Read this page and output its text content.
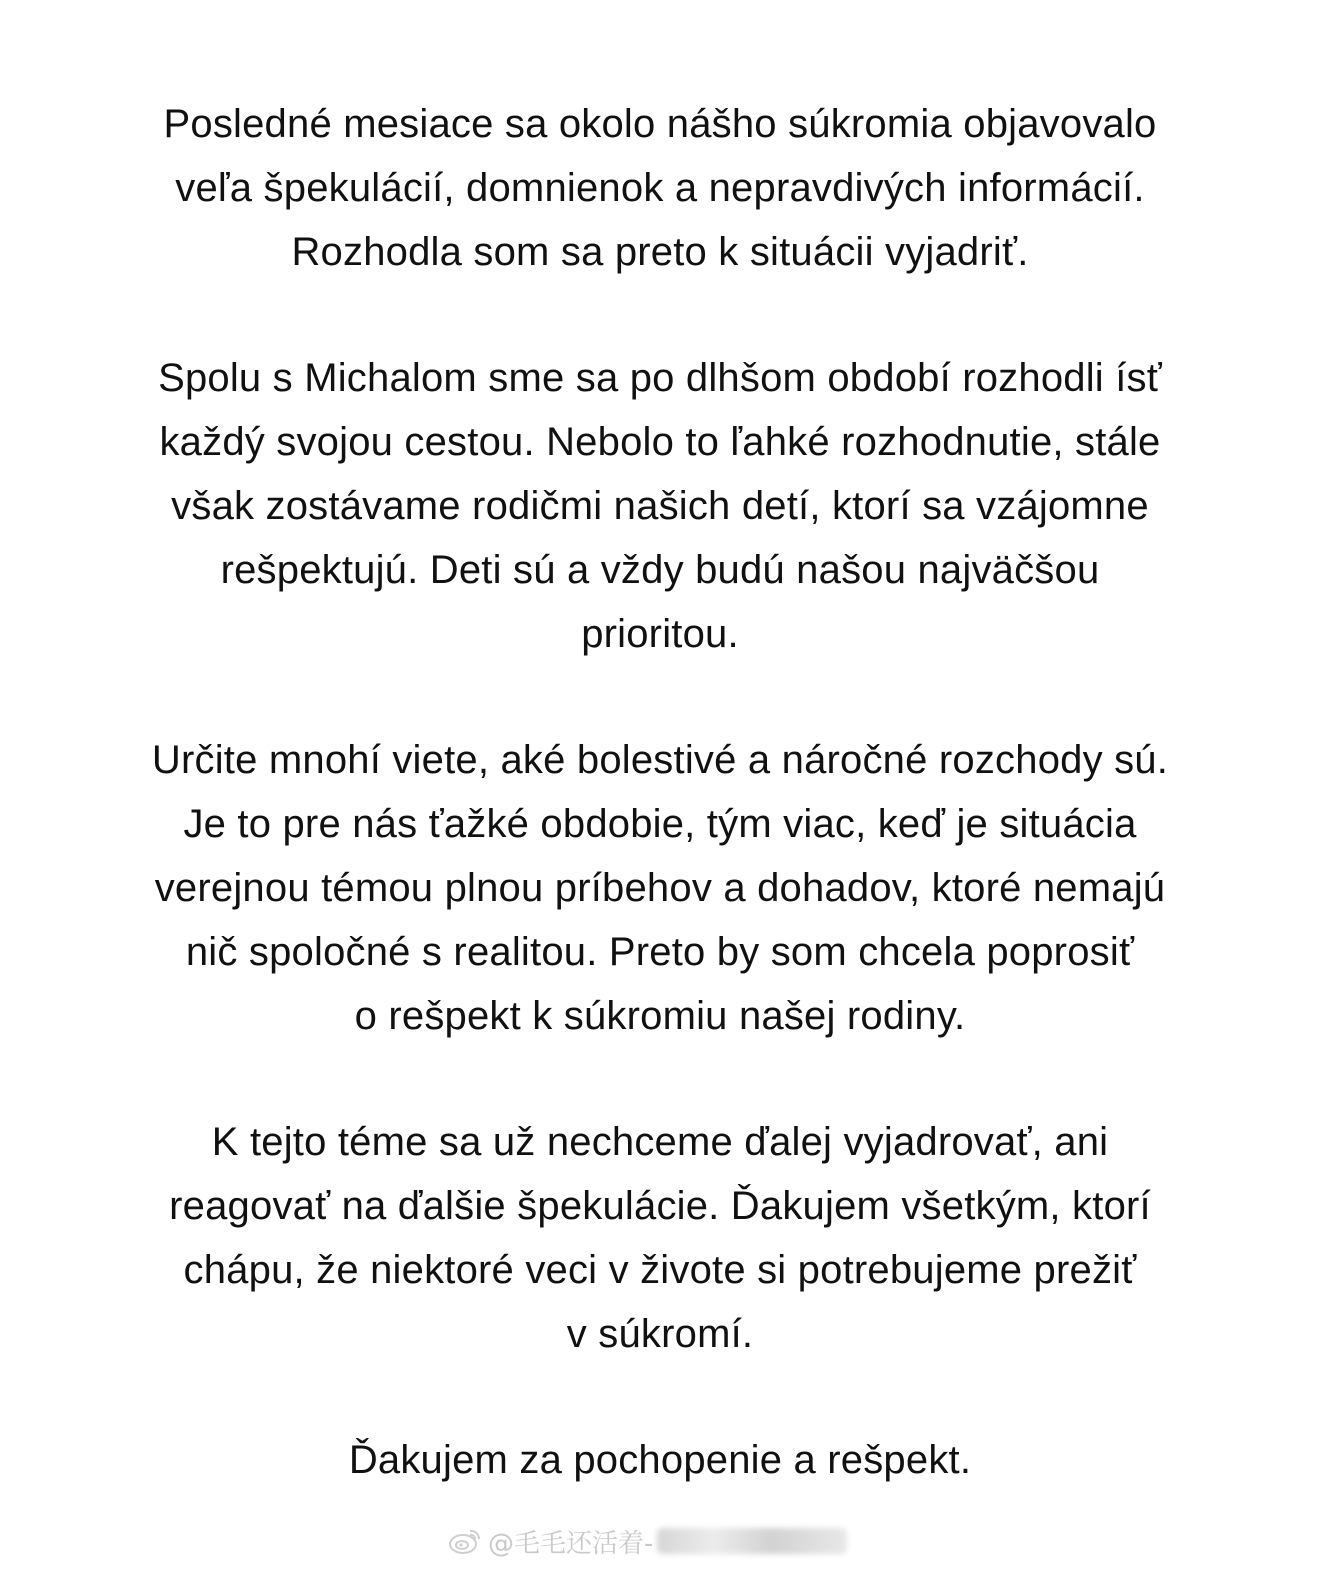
Posledné mesiace sa okolo nášho súkromia objavovalo
veľa špekulácií, domnienok a nepravdivých informácií.
Rozhodla som sa preto k situácii vyjadriť.

Spolu s Michalom sme sa po dlhšom období rozhodli ísť
každý svojou cestou. Nebolo to ľahké rozhodnutie, stále
však zostávame rodičmi našich detí, ktorí sa vzájomne
rešpektujú. Deti sú a vždy budú našou najväčšou
prioritou.

Určite mnohí viete, aké bolestivé a náročné rozchody sú.
Je to pre nás ťažké obdobie, tým viac, keď je situácia
verejnou témou plnou príbehov a dohadov, ktoré nemajú
nič spoločné s realitou. Preto by som chcela poprosiť
o rešpekt k súkromiu našej rodiny.

K tejto téme sa už nechceme ďalej vyjadrovať, ani
reagovať na ďalšie špekulácie. Ďakujem všetkým, ktorí
chápu, že niektoré veci v živote si potrebujeme prežiť
v súkromí.

Ďakujem za pochopenie a rešpekt.

@毛毛还活着-
